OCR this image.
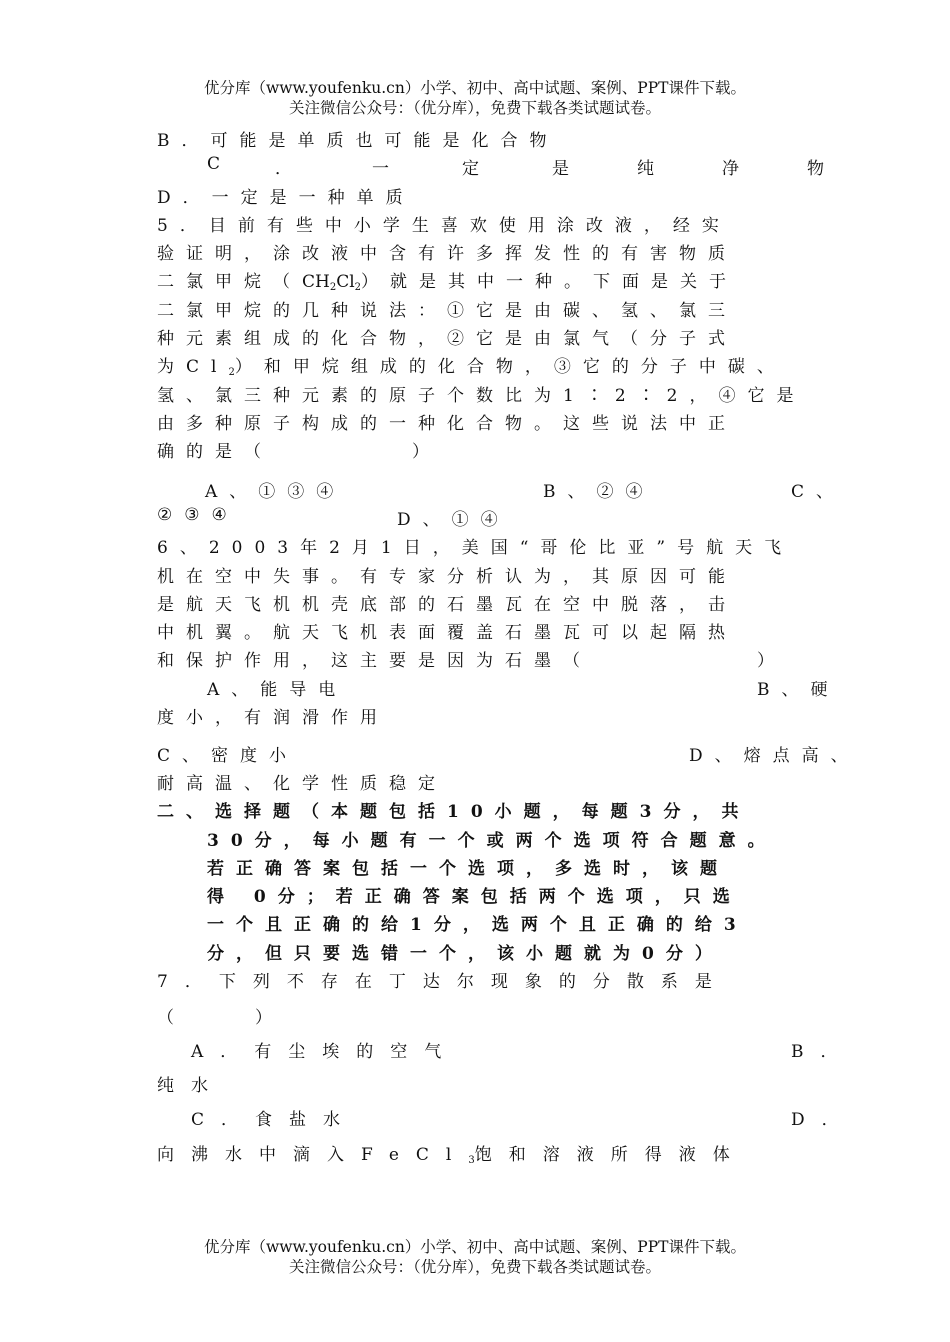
优分库（www.youfenku.cn）小学、初中、高中试题、案例、PPT课件下载。
关注微信公众号：（优分库），免费下载各类试题试卷。
B．可能是单质也可能是化合物
C	．	一	定	是	纯	净	物
D．一定是一种单质
5．目前有些中小学生喜欢使用涂改液，经实
验证明，涂改液中含有许多挥发性的有害物质
二氯甲烷$(CH_2Cl_2)$就是其中一种。下面是关于
二氯甲烷的几种说法：①它是由碳、氢、氯三
种元素组成的化合物，②它是由氯气（分子式
为$Cl_2$）和甲烷组成的化合物，③它的分子中碳、
氢、氯三种元素的原子个数比为1∶2∶2，④它是
由多种原子构成的一种化合物。这些说法中正
确的是（	）
A、①③④	B、②④	C、
②③④	D、①④
6、2003年2月1日，美国“哥伦比亚”号航天飞
机在空中失事。有专家分析认为，其原因可能
是航天飞机机壳底部的石墨瓦在空中脱落，击
中机翼。航天飞机表面覆盖石墨瓦可以起隔热
和保护作用，这主要是因为石墨（	）
A、能导电	B、硬
度小，有润滑作用
C、密度小	D、熔点高、
耐高温、化学性质稳定
二、选择题（本题包括10小题，每题3分，共
30分，每小题有一个或两个选项符合题意。
若正确答案包括一个选项，多选时，该题
得 0分；若正确答案包括两个选项，只选
一个且正确的给1分，选两个且正确的给3
分，但只要选错一个，该小题就为0分）
7．下列不存在丁达尔现象的分散系是
（	）
A．有尘埃的空气	B．
纯水
C．食盐水	D．
向沸水中滴入FeCl$_3$饱和溶液所得液体
优分库（www.youfenku.cn）小学、初中、高中试题、案例、PPT课件下载。
关注微信公众号：（优分库），免费下载各类试题试卷。
